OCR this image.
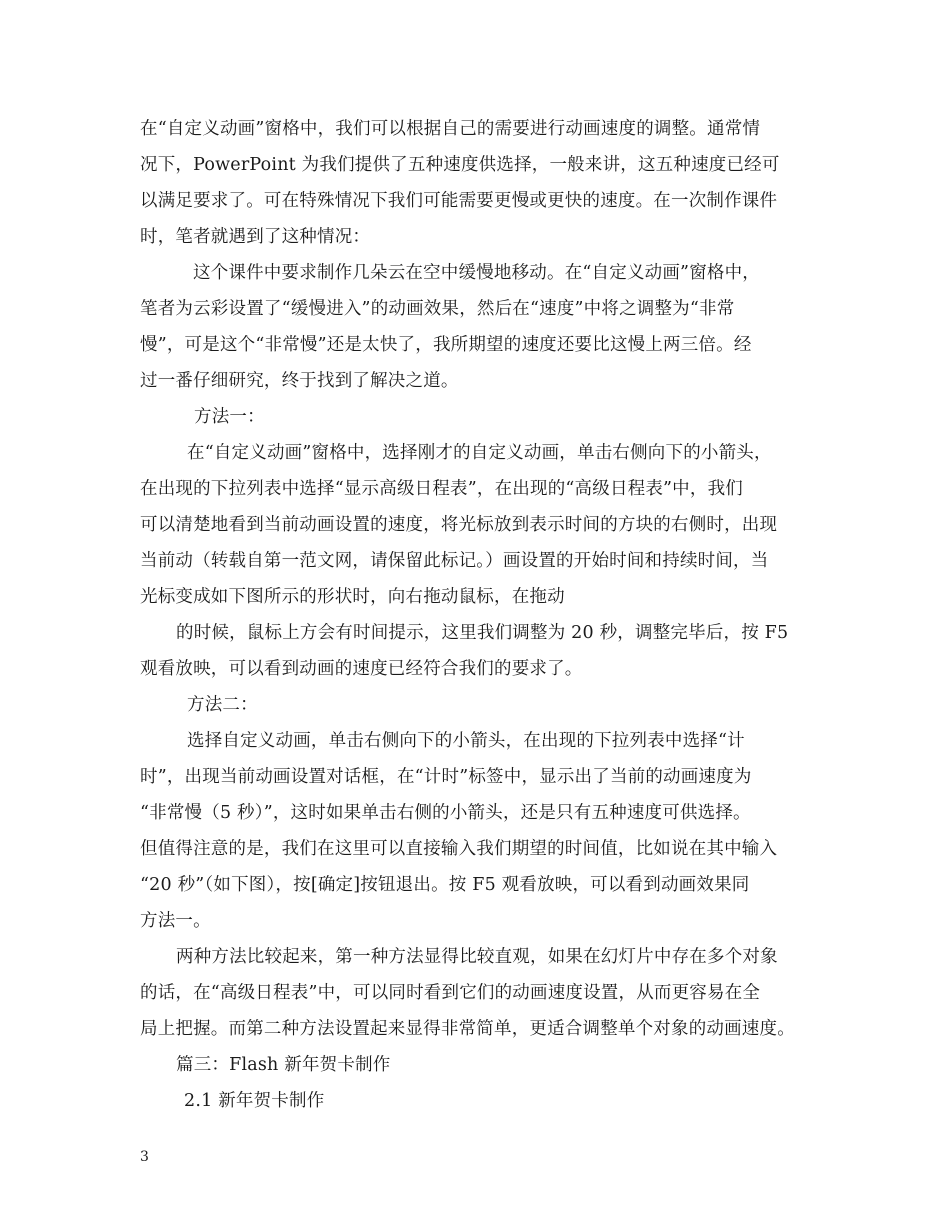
在“自定义动画”窗格中，我们可以根据自己的需要进行动画速度的调整。通常情
况下，PowerPoint 为我们提供了五种速度供选择，一般来讲，这五种速度已经可
以满足要求了。可在特殊情况下我们可能需要更慢或更快的速度。在一次制作课件
时，笔者就遇到了这种情况：
这个课件中要求制作几朵云在空中缓慢地移动。在“自定义动画”窗格中，
笔者为云彩设置了“缓慢进入”的动画效果，然后在“速度”中将之调整为“非常
慢”，可是这个“非常慢”还是太快了，我所期望的速度还要比这慢上两三倍。经
过一番仔细研究，终于找到了解决之道。
方法一：
在“自定义动画”窗格中，选择刚才的自定义动画，单击右侧向下的小箭头，
在出现的下拉列表中选择“显示高级日程表”，在出现的“高级日程表”中，我们
可以清楚地看到当前动画设置的速度，将光标放到表示时间的方块的右侧时，出现
当前动（转载自第一范文网，请保留此标记。）画设置的开始时间和持续时间，当
光标变成如下图所示的形状时，向右拖动鼠标，在拖动
的时候，鼠标上方会有时间提示，这里我们调整为 20 秒，调整完毕后，按 F5
观看放映，可以看到动画的速度已经符合我们的要求了。
方法二：
选择自定义动画，单击右侧向下的小箭头，在出现的下拉列表中选择“计
时”，出现当前动画设置对话框，在“计时”标签中，显示出了当前的动画速度为
“非常慢（5 秒）”，这时如果单击右侧的小箭头，还是只有五种速度可供选择。
但值得注意的是，我们在这里可以直接输入我们期望的时间值，比如说在其中输入
“20 秒”（如下图），按[确定]按钮退出。按 F5 观看放映，可以看到动画效果同
方法一。
两种方法比较起来，第一种方法显得比较直观，如果在幻灯片中存在多个对象
的话，在“高级日程表”中，可以同时看到它们的动画速度设置，从而更容易在全
局上把握。而第二种方法设置起来显得非常简单，更适合调整单个对象的动画速度。
篇三：Flash 新年贺卡制作
2.1 新年贺卡制作
3
